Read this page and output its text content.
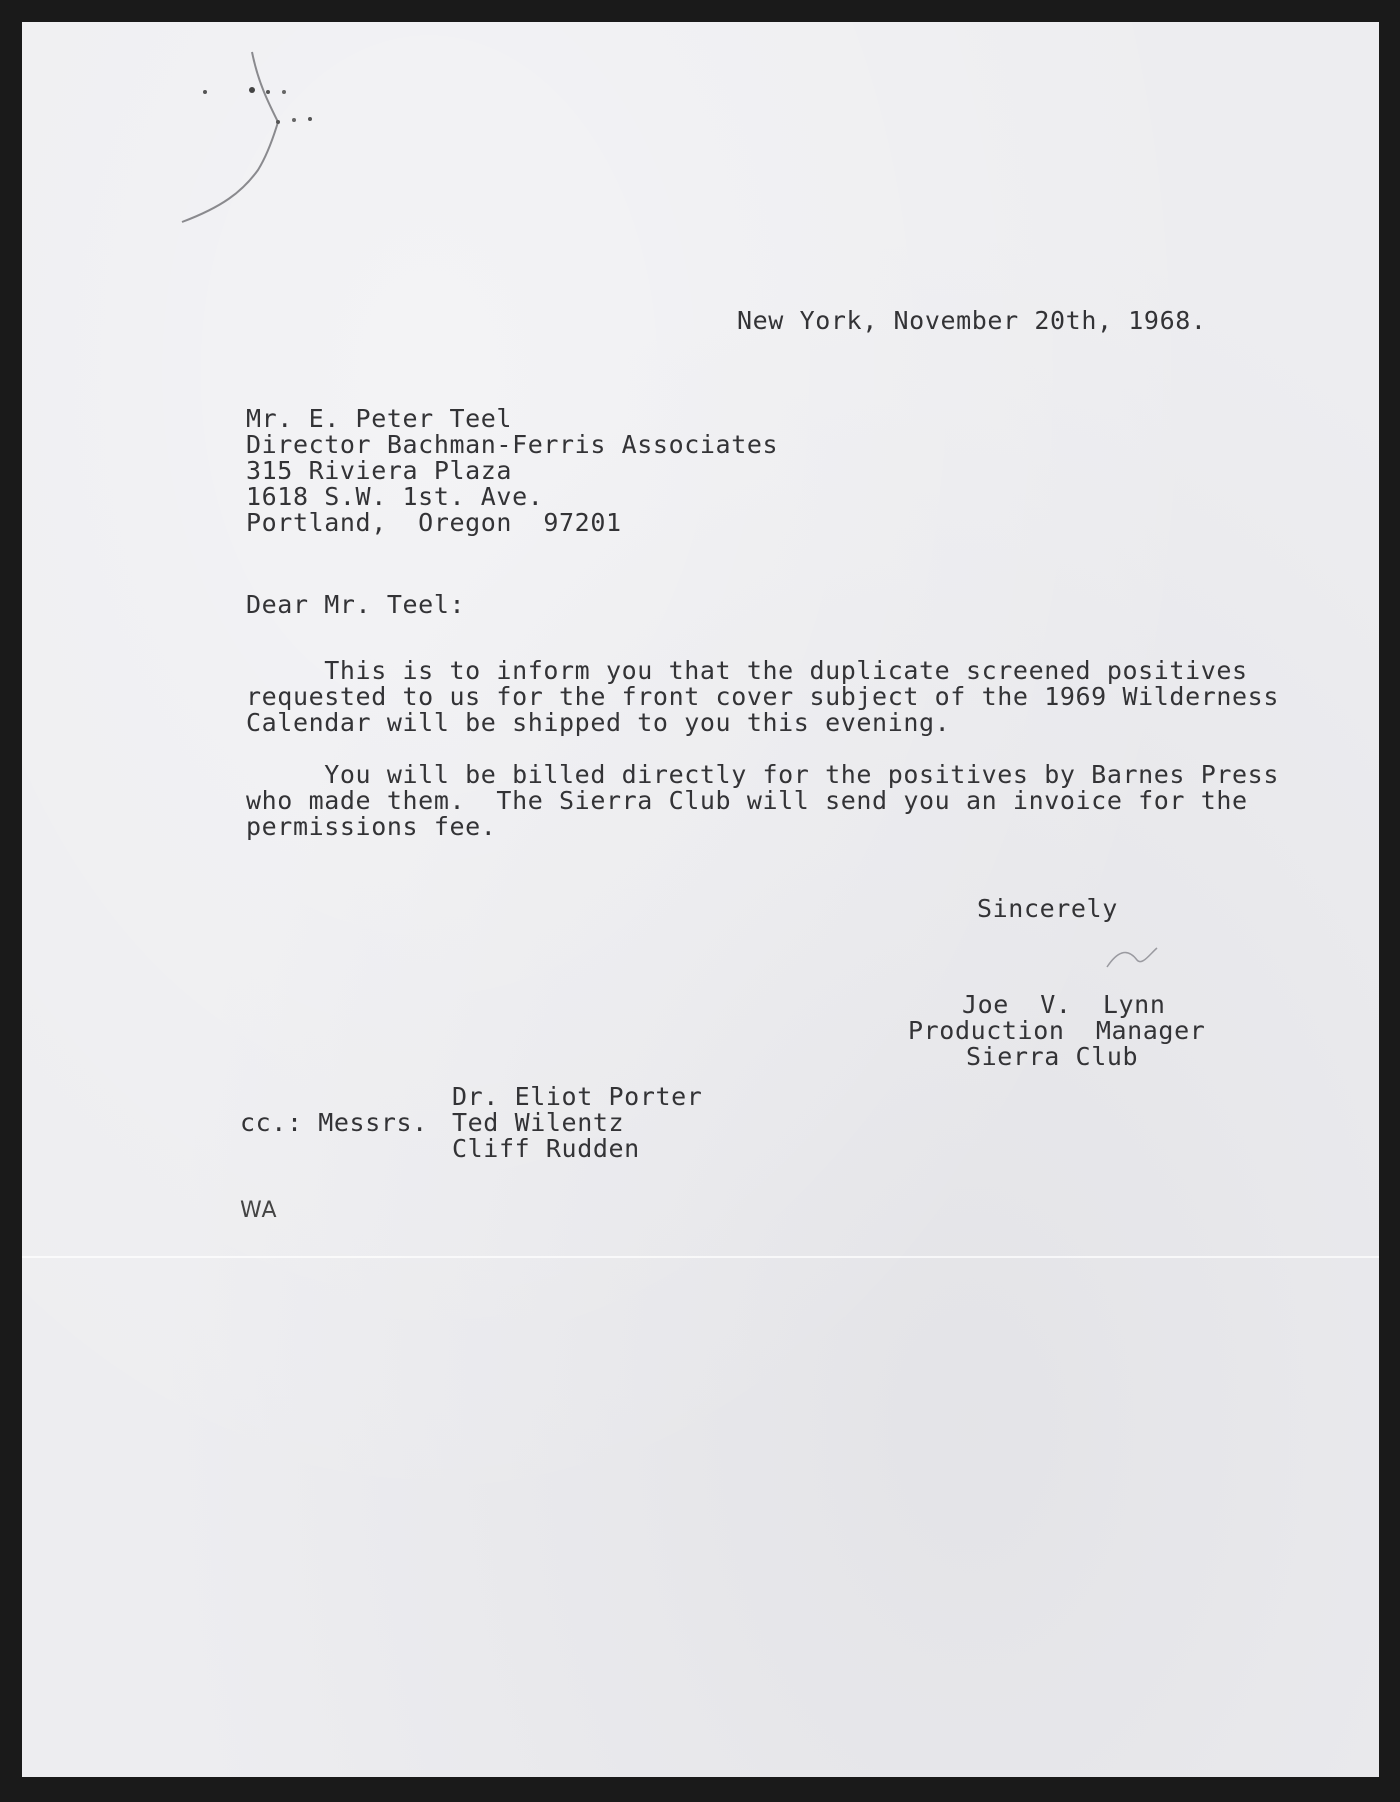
New York, November 20th, 1968.
Mr. E. Peter Teel
Director Bachman-Ferris Associates
315 Riviera Plaza
1618 S.W. 1st. Ave.
Portland,  Oregon  97201
Dear Mr. Teel:
This is to inform you that the duplicate screened positives
requested to us for the front cover subject of the 1969 Wilderness
Calendar will be shipped to you this evening.
You will be billed directly for the positives by Barnes Press
who made them.  The Sierra Club will send you an invoice for the
permissions fee.
Sincerely
Joe  V.  Lynn
Production  Manager
Sierra Club
Dr. Eliot Porter
cc.: Messrs. Ted Wilentz
Cliff Rudden
WA
